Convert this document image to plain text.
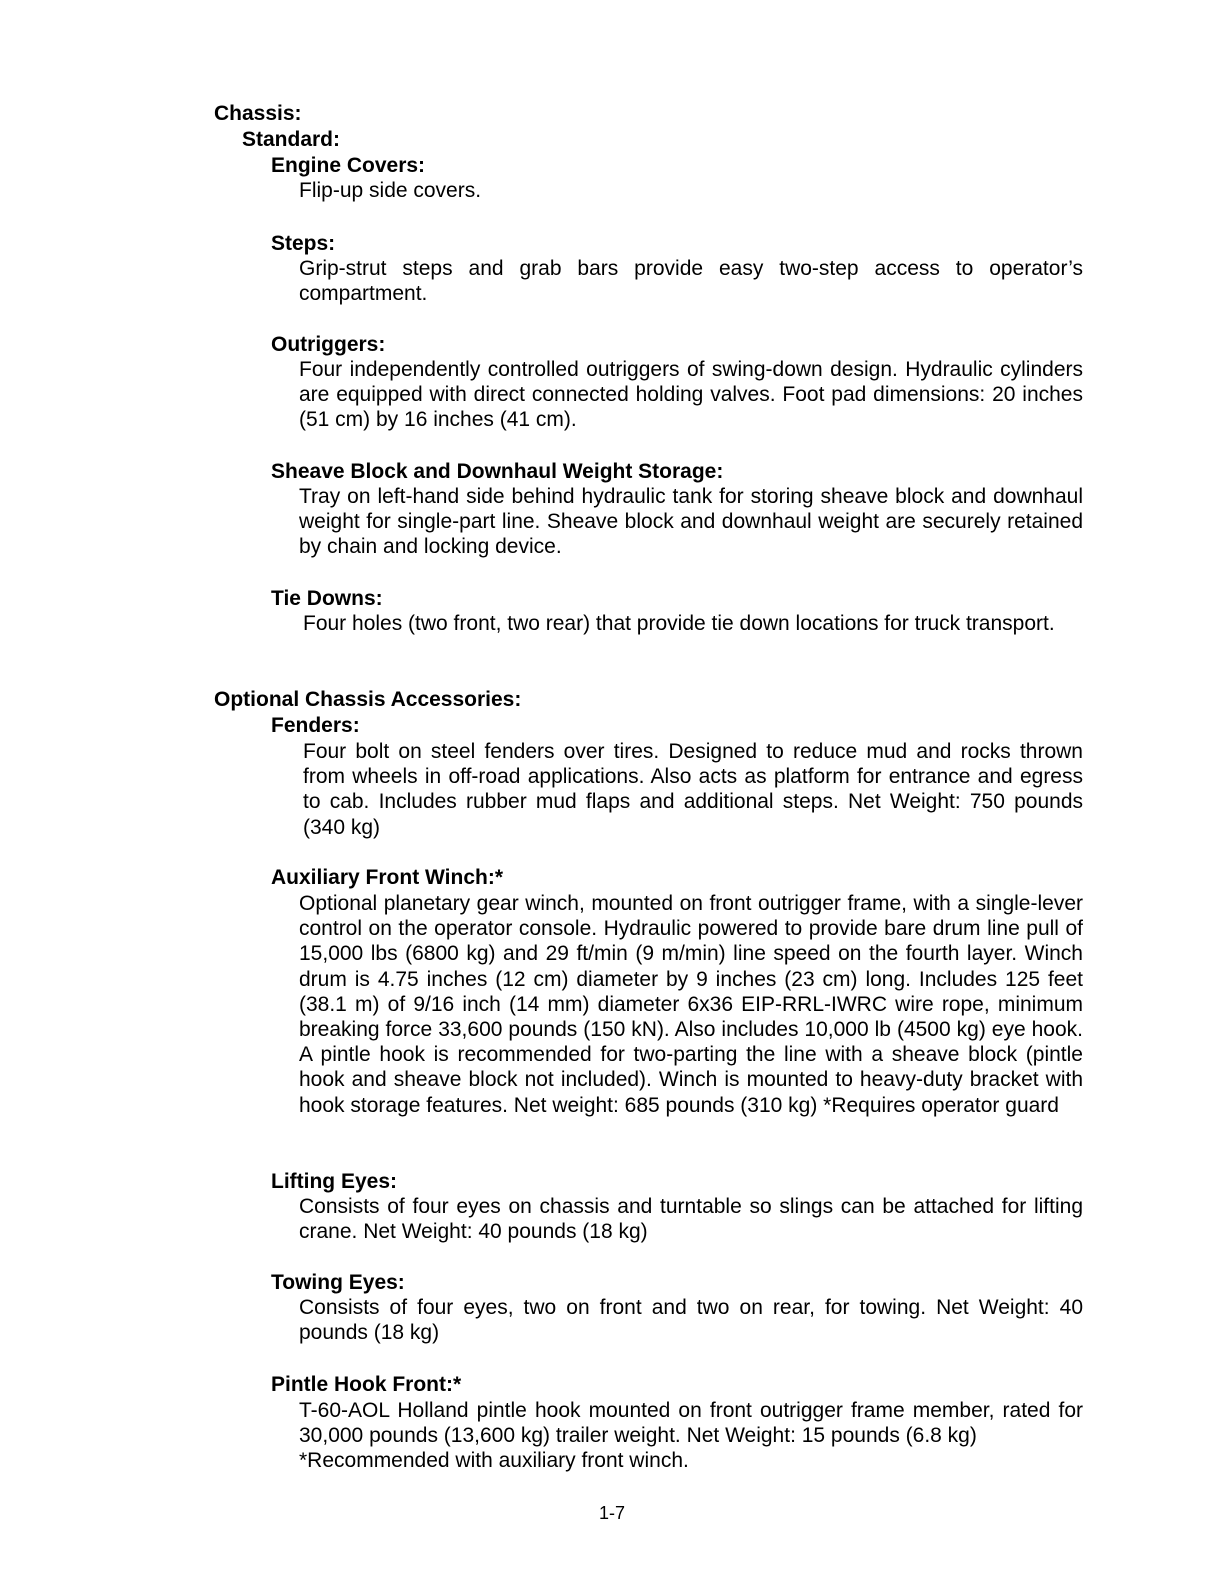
Chassis:
Standard:
Engine Covers:

Flip-up side covers.

Steps:

Grip-strut steps and grab bars provide easy two-step access to operator’s compartment.

Outriggers:

Four independently controlled outriggers of swing-down design. Hydraulic cylinders are equipped with direct connected holding valves. Foot pad dimensions: 20 inches (51 cm) by 16 inches (41 cm).

Sheave Block and Downhaul Weight Storage:

Tray on left-hand side behind hydraulic tank for storing sheave block and downhaul weight for single-part line. Sheave block and downhaul weight are securely retained by chain and locking device.

Tie Downs:

Four holes (two front, two rear) that provide tie down locations for truck transport.

Optional Chassis Accessories:
Fenders:

Four bolt on steel fenders over tires. Designed to reduce mud and rocks thrown from wheels in off-road applications. Also acts as platform for entrance and egress to cab. Includes rubber mud flaps and additional steps. Net Weight: 750 pounds (340 kg)

Auxiliary Front Winch:*

Optional planetary gear winch, mounted on front outrigger frame, with a single-lever control on the operator console. Hydraulic powered to provide bare drum line pull of 15,000 lbs (6800 kg) and 29 ft/min (9 m/min) line speed on the fourth layer. Winch drum is 4.75 inches (12 cm) diameter by 9 inches (23 cm) long. Includes 125 feet (38.1 m) of 9/16 inch (14 mm) diameter 6x36 EIP-RRL-IWRC wire rope, minimum breaking force 33,600 pounds (150 kN). Also includes 10,000 lb (4500 kg) eye hook. A pintle hook is recommended for two-parting the line with a sheave block (pintle hook and sheave block not included). Winch is mounted to heavy-duty bracket with hook storage features. Net weight: 685 pounds (310 kg) *Requires operator guard

Lifting Eyes:

Consists of four eyes on chassis and turntable so slings can be attached for lifting crane. Net Weight: 40 pounds (18 kg)

Towing Eyes:

Consists of four eyes, two on front and two on rear, for towing. Net Weight: 40 pounds (18 kg)

Pintle Hook Front:*

T-60-AOL Holland pintle hook mounted on front outrigger frame member, rated for 30,000 pounds (13,600 kg) trailer weight. Net Weight: 15 pounds (6.8 kg)

*Recommended with auxiliary front winch.

1-7
